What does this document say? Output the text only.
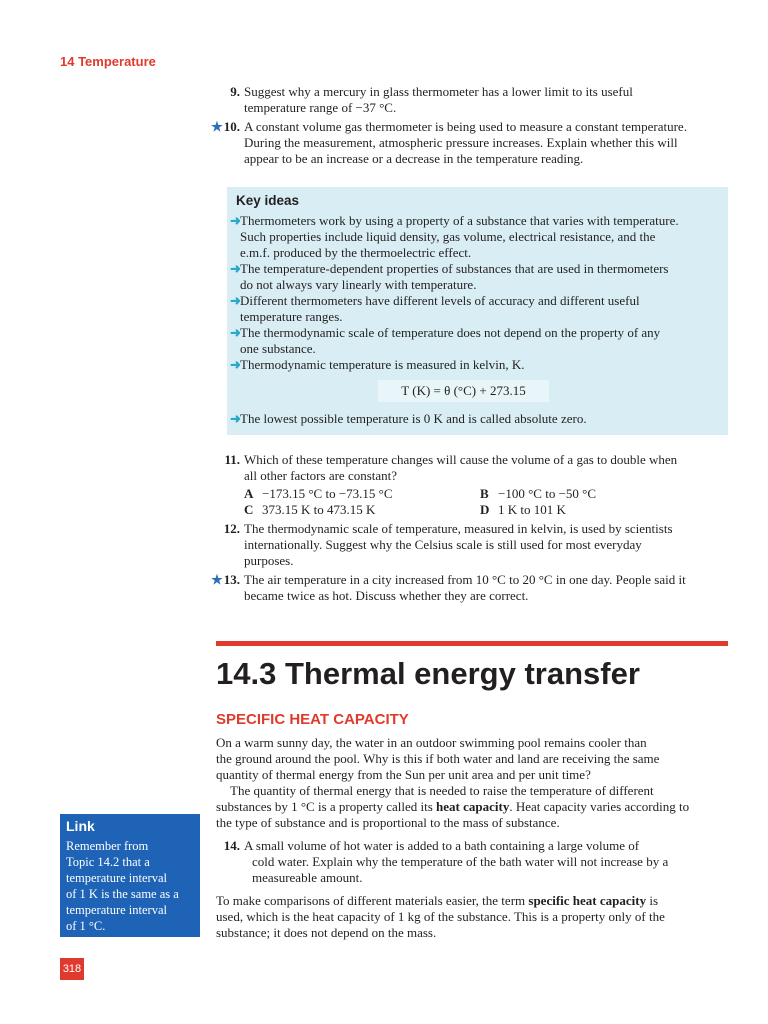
14 Temperature
9. Suggest why a mercury in glass thermometer has a lower limit to its useful
temperature range of −37 °C.
★10. A constant volume gas thermometer is being used to measure a constant temperature.
During the measurement, atmospheric pressure increases. Explain whether this will
appear to be an increase or a decrease in the temperature reading.
Key ideas
➜ Thermometers work by using a property of a substance that varies with temperature.
Such properties include liquid density, gas volume, electrical resistance, and the
e.m.f. produced by the thermoelectric effect.
➜ The temperature-dependent properties of substances that are used in thermometers
do not always vary linearly with temperature.
➜ Different thermometers have different levels of accuracy and different useful
temperature ranges.
➜ The thermodynamic scale of temperature does not depend on the property of any
one substance.
➜ Thermodynamic temperature is measured in kelvin, K.
T (K) = θ (°C) + 273.15
➜ The lowest possible temperature is 0 K and is called absolute zero.
11. Which of these temperature changes will cause the volume of a gas to double when
all other factors are constant?
A −173.15 °C to −73.15 °C	B −100 °C to −50 °C
C 373.15 K to 473.15 K	D 1 K to 101 K
12. The thermodynamic scale of temperature, measured in kelvin, is used by scientists
internationally. Suggest why the Celsius scale is still used for most everyday
purposes.
★13. The air temperature in a city increased from 10 °C to 20 °C in one day. People said it
became twice as hot. Discuss whether they are correct.
14.3 Thermal energy transfer
SPECIFIC HEAT CAPACITY
On a warm sunny day, the water in an outdoor swimming pool remains cooler than
the ground around the pool. Why is this if both water and land are receiving the same
quantity of thermal energy from the Sun per unit area and per unit time?
The quantity of thermal energy that is needed to raise the temperature of different
substances by 1 °C is a property called its heat capacity. Heat capacity varies according to
the type of substance and is proportional to the mass of substance.
14. A small volume of hot water is added to a bath containing a large volume of
cold water. Explain why the temperature of the bath water will not increase by a
measureable amount.
To make comparisons of different materials easier, the term specific heat capacity is
used, which is the heat capacity of 1 kg of the substance. This is a property only of the
substance; it does not depend on the mass.
Link
Remember from
Topic 14.2 that a
temperature interval
of 1 K is the same as a
temperature interval
of 1 °C.
318
